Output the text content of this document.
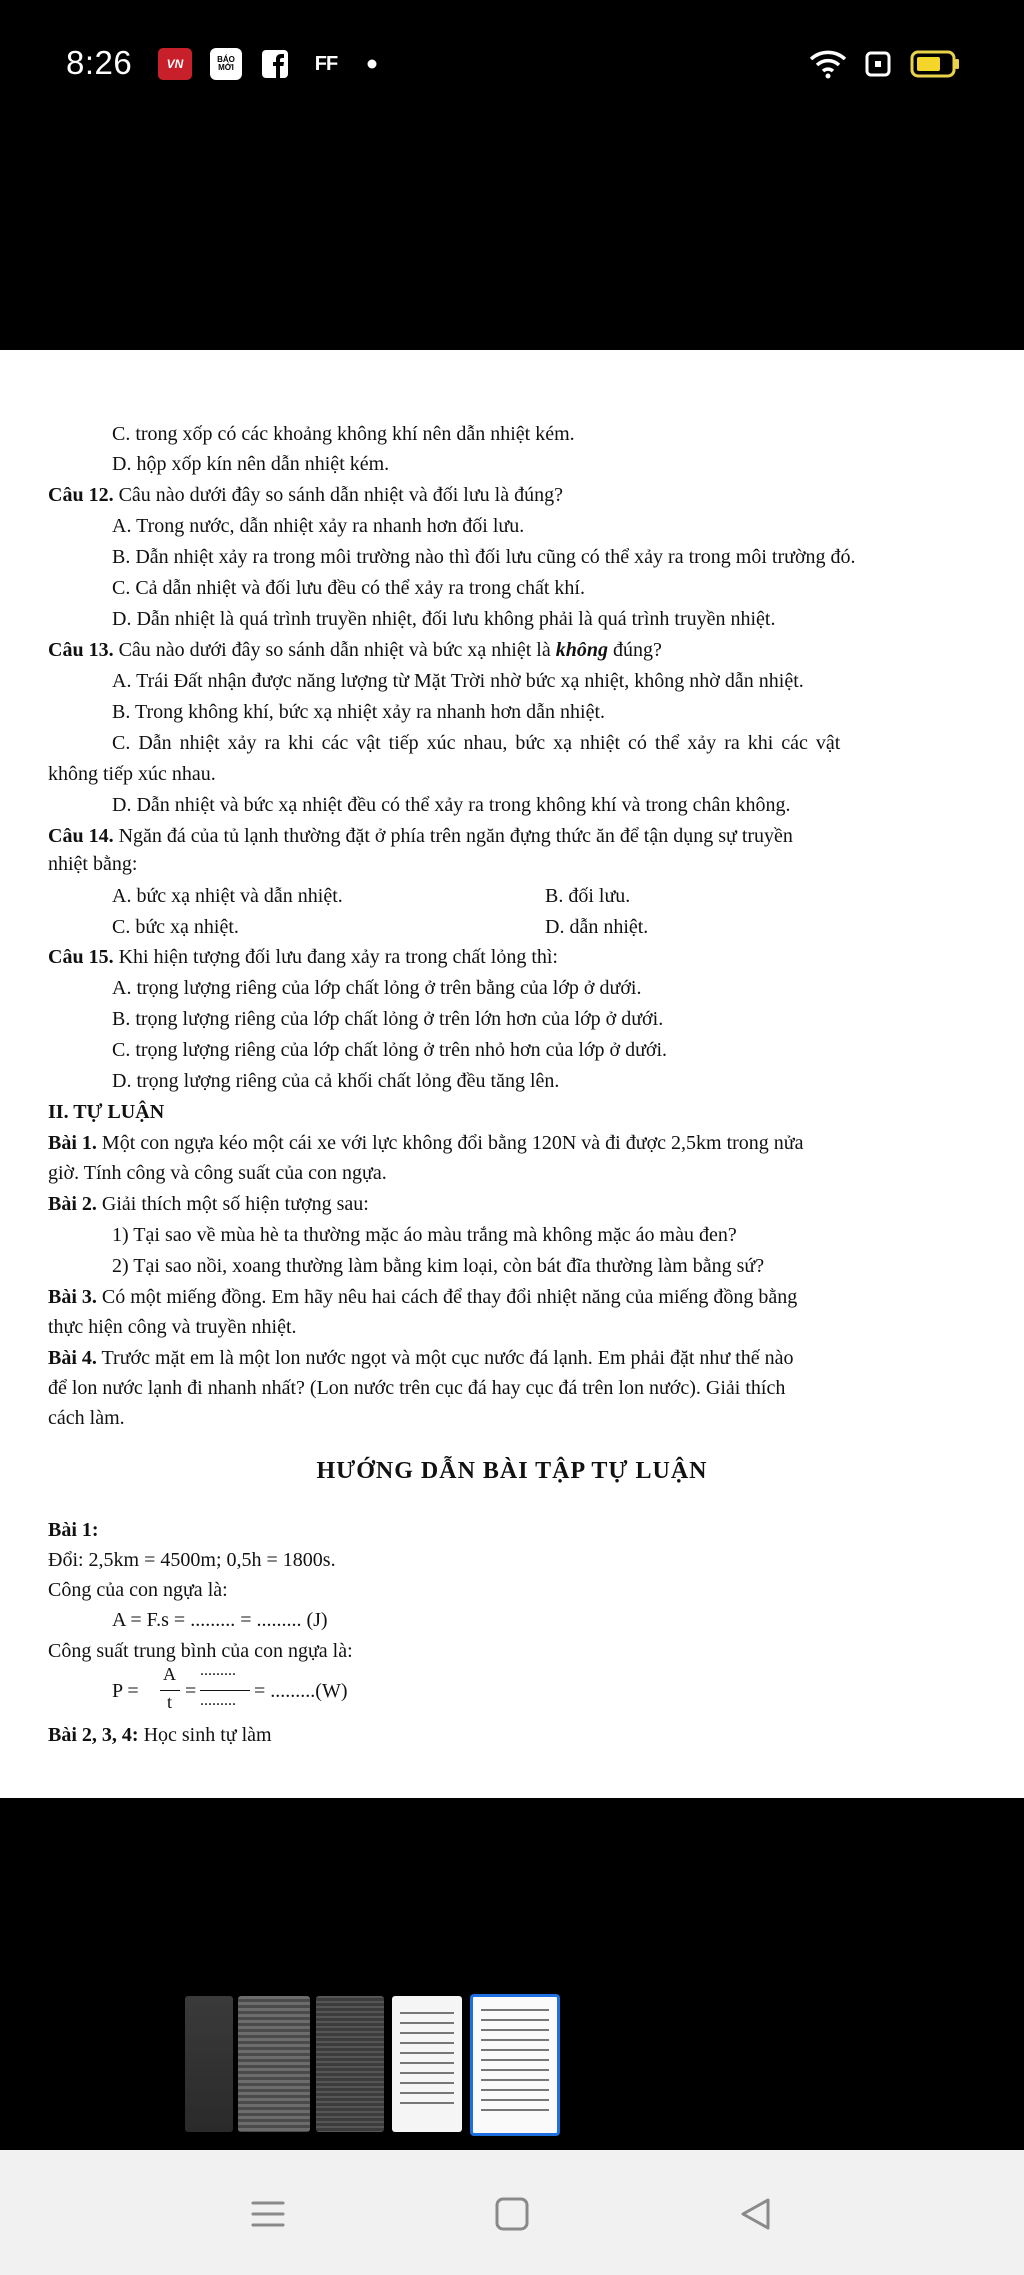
8:26	VN	BÁO
MỚI	FF
C. trong xốp có các khoảng không khí nên dẫn nhiệt kém.
D. hộp xốp kín nên dẫn nhiệt kém.
Câu 12. Câu nào dưới đây so sánh dẫn nhiệt và đối lưu là đúng?
A. Trong nước, dẫn nhiệt xảy ra nhanh hơn đối lưu.
B. Dẫn nhiệt xảy ra trong môi trường nào thì đối lưu cũng có thể xảy ra trong môi trường đó.
C. Cả dẫn nhiệt và đối lưu đều có thể xảy ra trong chất khí.
D. Dẫn nhiệt là quá trình truyền nhiệt, đối lưu không phải là quá trình truyền nhiệt.
Câu 13. Câu nào dưới đây so sánh dẫn nhiệt và bức xạ nhiệt là không đúng?
A. Trái Đất nhận được năng lượng từ Mặt Trời nhờ bức xạ nhiệt, không nhờ dẫn nhiệt.
B. Trong không khí, bức xạ nhiệt xảy ra nhanh hơn dẫn nhiệt.
C. Dẫn nhiệt xảy ra khi các vật tiếp xúc nhau, bức xạ nhiệt có thể xảy ra khi các vật
không tiếp xúc nhau.
D. Dẫn nhiệt và bức xạ nhiệt đều có thể xảy ra trong không khí và trong chân không.
Câu 14. Ngăn đá của tủ lạnh thường đặt ở phía trên ngăn đựng thức ăn để tận dụng sự truyền
nhiệt bằng:
A. bức xạ nhiệt và dẫn nhiệt.	B. đối lưu.
C. bức xạ nhiệt.	D. dẫn nhiệt.
Câu 15. Khi hiện tượng đối lưu đang xảy ra trong chất lỏng thì:
A. trọng lượng riêng của lớp chất lỏng ở trên bằng của lớp ở dưới.
B. trọng lượng riêng của lớp chất lỏng ở trên lớn hơn của lớp ở dưới.
C. trọng lượng riêng của lớp chất lỏng ở trên nhỏ hơn của lớp ở dưới.
D. trọng lượng riêng của cả khối chất lỏng đều tăng lên.
II. TỰ LUẬN
Bài 1. Một con ngựa kéo một cái xe với lực không đổi bằng 120N và đi được 2,5km trong nửa
giờ. Tính công và công suất của con ngựa.
Bài 2. Giải thích một số hiện tượng sau:
1) Tại sao về mùa hè ta thường mặc áo màu trắng mà không mặc áo màu đen?
2) Tại sao nồi, xoang thường làm bằng kim loại, còn bát đĩa thường làm bằng sứ?
Bài 3. Có một miếng đồng. Em hãy nêu hai cách để thay đổi nhiệt năng của miếng đồng bằng
thực hiện công và truyền nhiệt.
Bài 4. Trước mặt em là một lon nước ngọt và một cục nước đá lạnh. Em phải đặt như thế nào
để lon nước lạnh đi nhanh nhất? (Lon nước trên cục đá hay cục đá trên lon nước). Giải thích
cách làm.
HƯỚNG DẪN BÀI TẬP TỰ LUẬN
Bài 1:
Đổi: 2,5km = 4500m; 0,5h = 1800s.
Công của con ngựa là:
A = F.s = ......... = ......... (J)
Công suất trung bình của con ngựa là:
P =
A
t =
.........
......... = .........(W)
Bài 2, 3, 4: Học sinh tự làm
